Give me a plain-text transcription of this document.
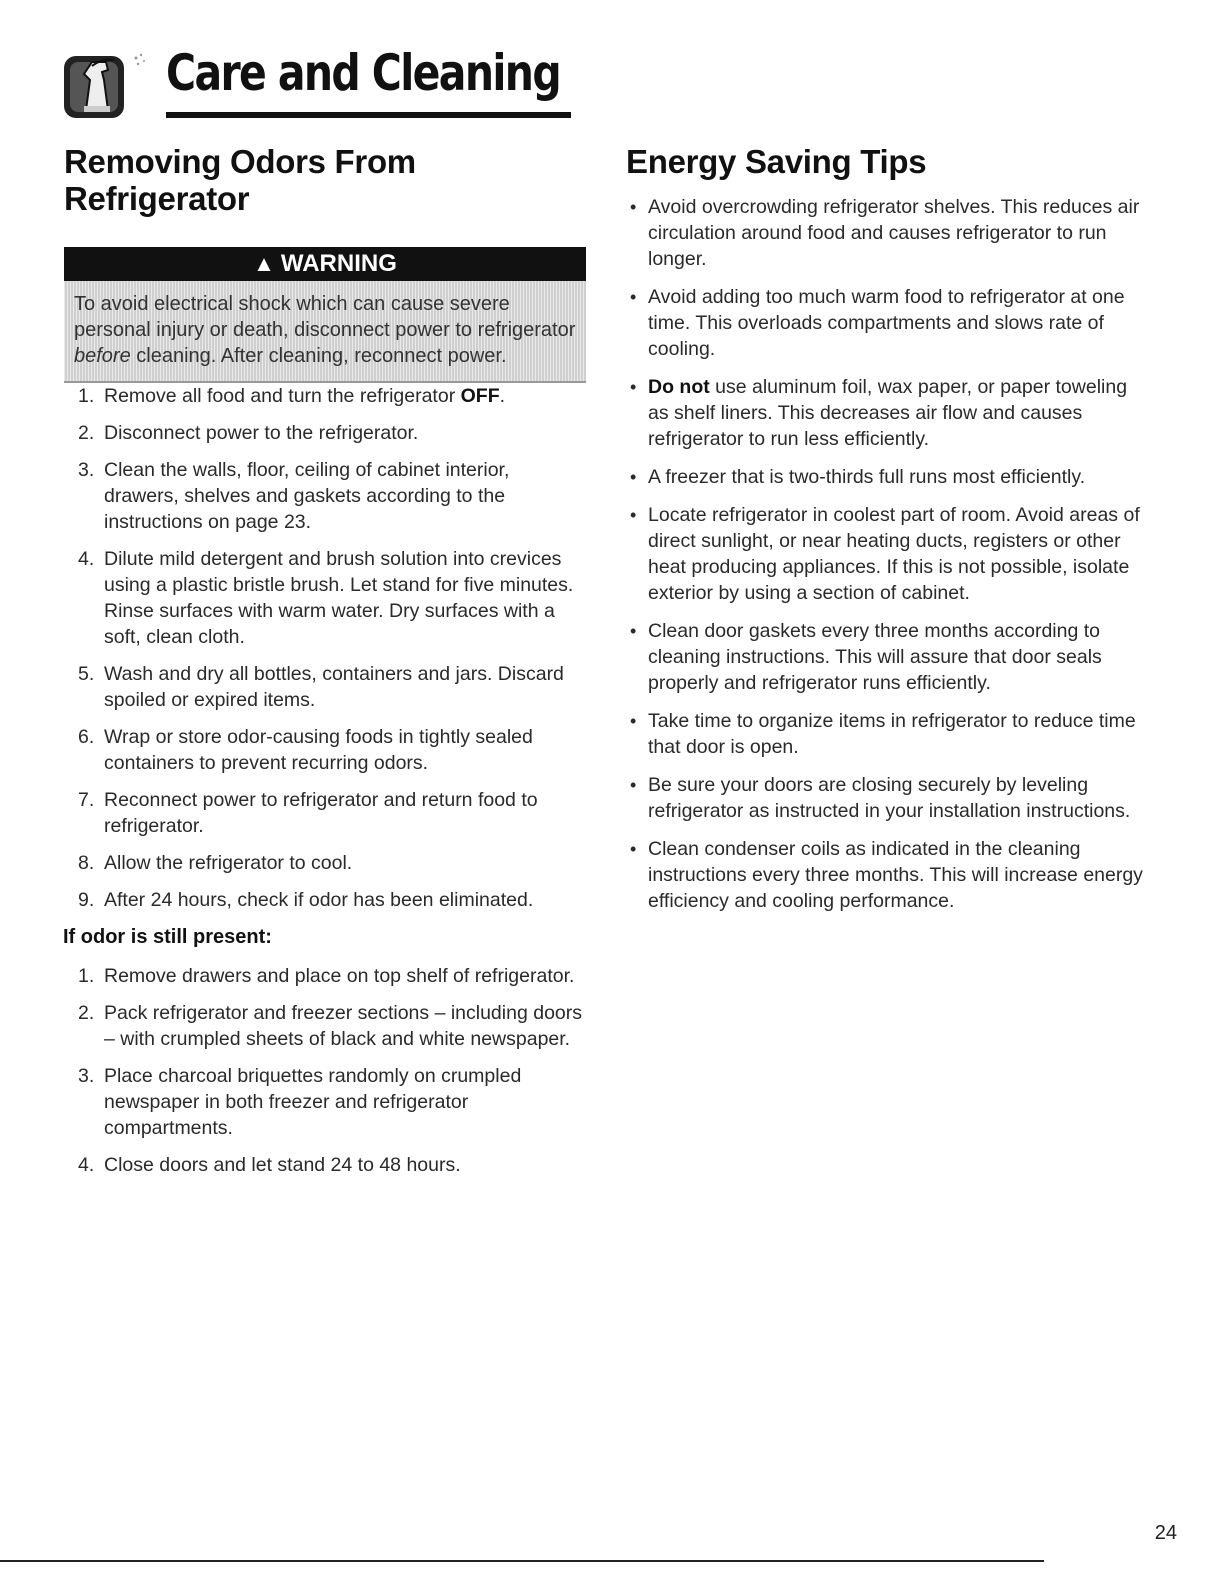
Care and Cleaning
Removing Odors From Refrigerator
▲ WARNING
To avoid electrical shock which can cause severe personal injury or death, disconnect power to refrigerator before cleaning. After cleaning, reconnect power.
1. Remove all food and turn the refrigerator OFF.
2. Disconnect power to the refrigerator.
3. Clean the walls, floor, ceiling of cabinet interior, drawers, shelves and gaskets according to the instructions on page 23.
4. Dilute mild detergent and brush solution into crevices using a plastic bristle brush. Let stand for five minutes. Rinse surfaces with warm water. Dry surfaces with a soft, clean cloth.
5. Wash and dry all bottles, containers and jars. Discard spoiled or expired items.
6. Wrap or store odor-causing foods in tightly sealed containers to prevent recurring odors.
7. Reconnect power to refrigerator and return food to refrigerator.
8. Allow the refrigerator to cool.
9. After 24 hours, check if odor has been eliminated.
If odor is still present:
1. Remove drawers and place on top shelf of refrigerator.
2. Pack refrigerator and freezer sections – including doors – with crumpled sheets of black and white newspaper.
3. Place charcoal briquettes randomly on crumpled newspaper in both freezer and refrigerator compartments.
4. Close doors and let stand 24 to 48 hours.
Energy Saving Tips
• Avoid overcrowding refrigerator shelves. This reduces air circulation around food and causes refrigerator to run longer.
• Avoid adding too much warm food to refrigerator at one time. This overloads compartments and slows rate of cooling.
• Do not use aluminum foil, wax paper, or paper toweling as shelf liners. This decreases air flow and causes refrigerator to run less efficiently.
• A freezer that is two-thirds full runs most efficiently.
• Locate refrigerator in coolest part of room. Avoid areas of direct sunlight, or near heating ducts, registers or other heat producing appliances. If this is not possible, isolate exterior by using a section of cabinet.
• Clean door gaskets every three months according to cleaning instructions. This will assure that door seals properly and refrigerator runs efficiently.
• Take time to organize items in refrigerator to reduce time that door is open.
• Be sure your doors are closing securely by leveling refrigerator as instructed in your installation instructions.
• Clean condenser coils as indicated in the cleaning instructions every three months. This will increase energy efficiency and cooling performance.
24
